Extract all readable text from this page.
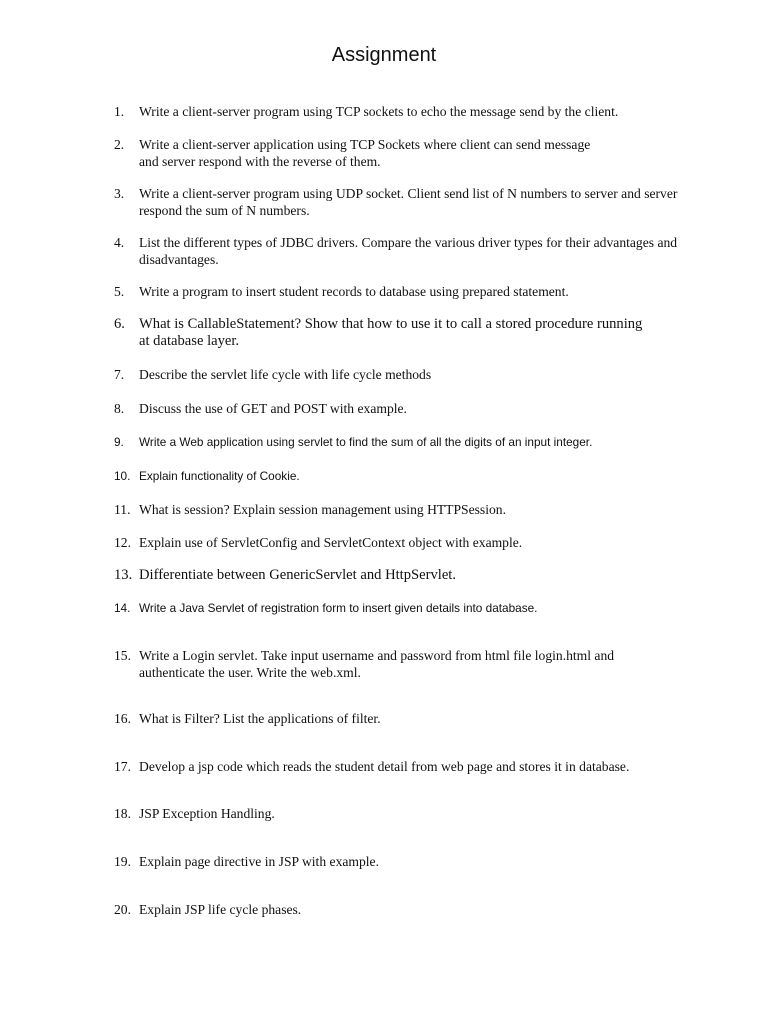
Assignment
1. Write a client-server program using TCP sockets to echo the message send by the client.
2. Write a client-server application using TCP Sockets where client can send message
and server respond with the reverse of them.
3. Write a client-server program using UDP socket. Client send list of N numbers to server and server
respond the sum of N numbers.
4. List the different types of JDBC drivers. Compare the various driver types for their advantages and
disadvantages.
5. Write a program to insert student records to database using prepared statement.
6. What is CallableStatement? Show that how to use it to call a stored procedure running
at database layer.
7. Describe the servlet life cycle with life cycle methods
8. Discuss the use of GET and POST with example.
9. Write a Web application using servlet to find the sum of all the digits of an input integer.
10. Explain functionality of Cookie.
11. What is session? Explain session management using HTTPSession.
12. Explain use of ServletConfig and ServletContext object with example.
13. Differentiate between GenericServlet and HttpServlet.
14. Write a Java Servlet of registration form to insert given details into database.
15. Write a Login servlet. Take input username and password from html file login.html and
authenticate the user. Write the web.xml.
16. What is Filter? List the applications of filter.
17. Develop a jsp code which reads the student detail from web page and stores it in database.
18. JSP Exception Handling.
19. Explain page directive in JSP with example.
20. Explain JSP life cycle phases.
